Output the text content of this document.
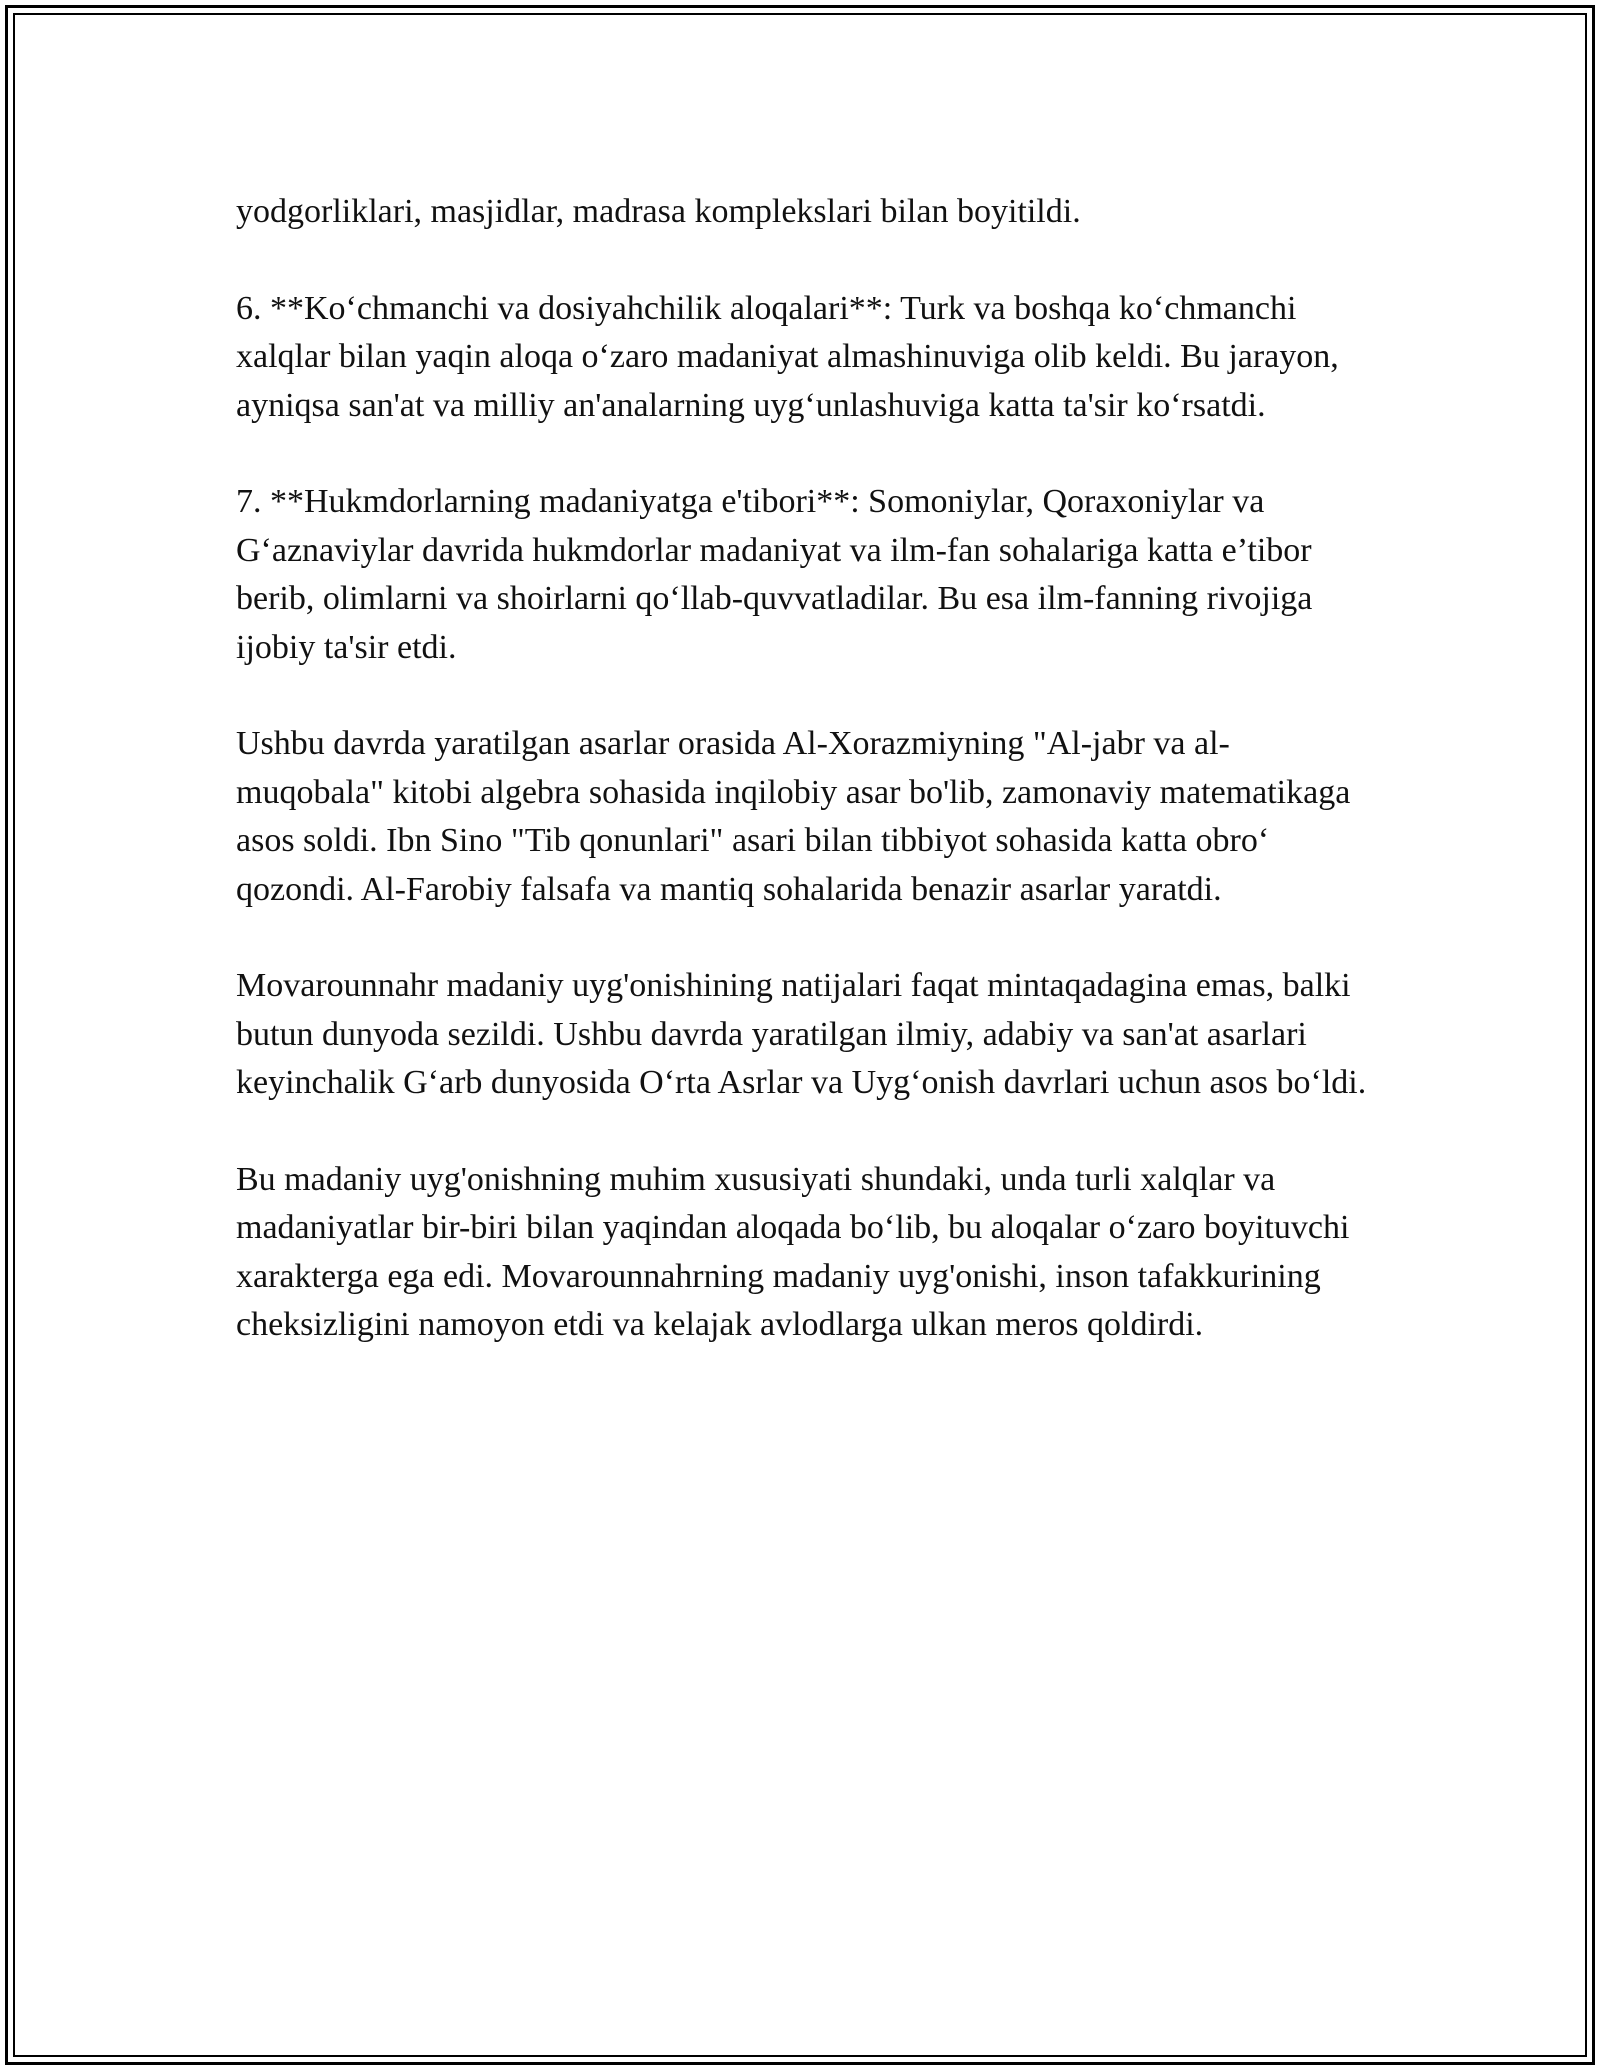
yodgorliklari, masjidlar, madrasa komplekslari bilan boyitildi.

6. **Ko‘chmanchi va dosiyahchilik aloqalari**: Turk va boshqa ko‘chmanchi xalqlar bilan yaqin aloqa o‘zaro madaniyat almashinuviga olib keldi. Bu jarayon, ayniqsa san'at va milliy an'analarning uyg‘unlashuviga katta ta'sir ko‘rsatdi.

7. **Hukmdorlarning madaniyatga e'tibori**: Somoniylar, Qoraxoniylar va G‘aznaviylar davrida hukmdorlar madaniyat va ilm-fan sohalariga katta e’tibor berib, olimlarni va shoirlarni qo‘llab-quvvatladilar. Bu esa ilm-fanning rivojiga ijobiy ta'sir etdi.

Ushbu davrda yaratilgan asarlar orasida Al-Xorazmiyning "Al-jabr va al-muqobala" kitobi algebra sohasida inqilobiy asar bo'lib, zamonaviy matematikaga asos soldi. Ibn Sino "Tib qonunlari" asari bilan tibbiyot sohasida katta obro‘ qozondi. Al-Farobiy falsafa va mantiq sohalarida benazir asarlar yaratdi.

Movarounnahr madaniy uyg'onishining natijalari faqat mintaqadagina emas, balki butun dunyoda sezildi. Ushbu davrda yaratilgan ilmiy, adabiy va san'at asarlari keyinchalik G‘arb dunyosida O‘rta Asrlar va Uyg‘onish davrlari uchun asos bo‘ldi.

Bu madaniy uyg'onishning muhim xususiyati shundaki, unda turli xalqlar va madaniyatlar bir-biri bilan yaqindan aloqada bo‘lib, bu aloqalar o‘zaro boyituvchi xarakterga ega edi. Movarounnahrning madaniy uyg'onishi, inson tafakkurining cheksizligini namoyon etdi va kelajak avlodlarga ulkan meros qoldirdi.
